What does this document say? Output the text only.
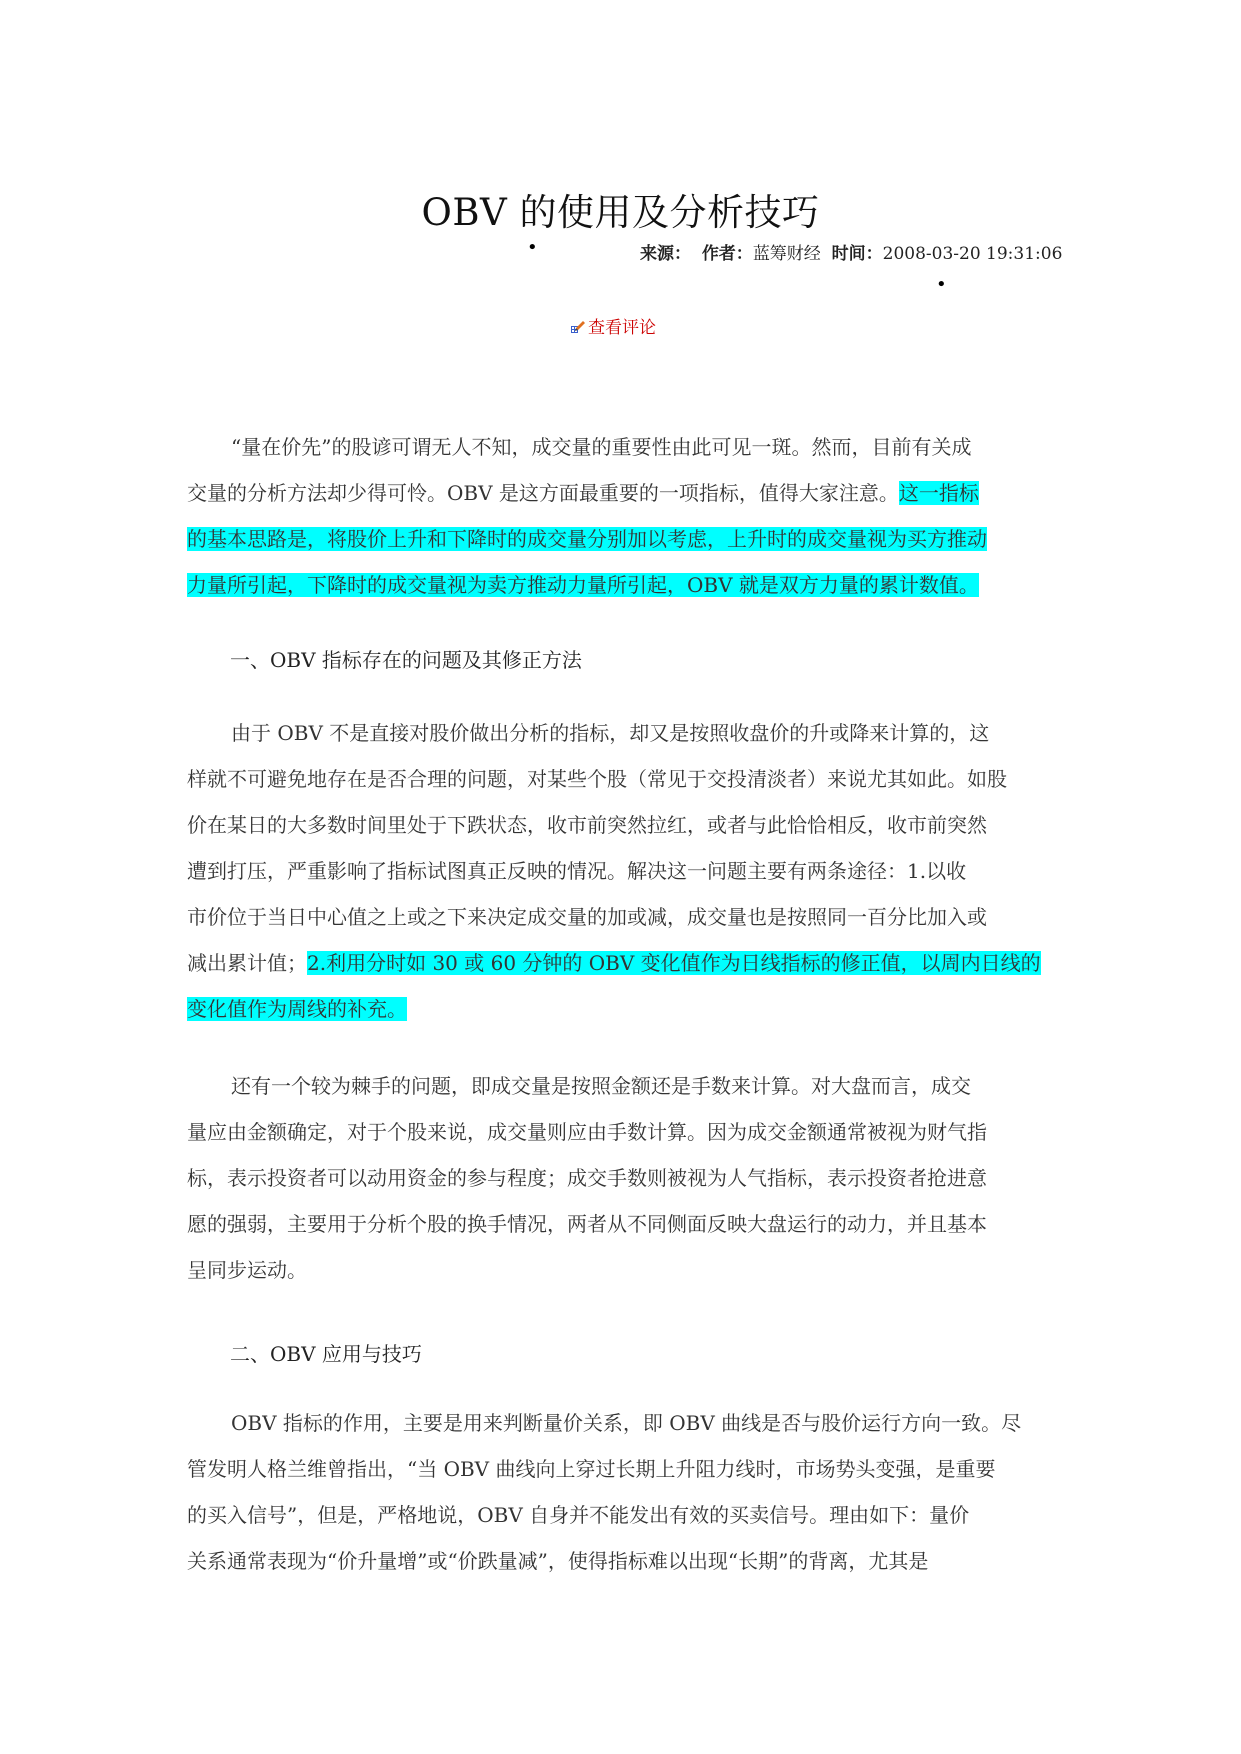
OBV 的使用及分析技巧
•	来源： 作者：蓝筹财经 时间：2008-03-20 19:31:06
•
查看评论
“量在价先”的股谚可谓无人不知，成交量的重要性由此可见一斑。然而，目前有关成
交量的分析方法却少得可怜。OBV 是这方面最重要的一项指标，值得大家注意。这一指标
的基本思路是，将股价上升和下降时的成交量分别加以考虑，上升时的成交量视为买方推动
力量所引起，下降时的成交量视为卖方推动力量所引起，OBV 就是双方力量的累计数值。
一、OBV 指标存在的问题及其修正方法
由于 OBV 不是直接对股价做出分析的指标，却又是按照收盘价的升或降来计算的，这
样就不可避免地存在是否合理的问题，对某些个股（常见于交投清淡者）来说尤其如此。如股
价在某日的大多数时间里处于下跌状态，收市前突然拉红，或者与此恰恰相反，收市前突然
遭到打压，严重影响了指标试图真正反映的情况。解决这一问题主要有两条途径：1.以收
市价位于当日中心值之上或之下来决定成交量的加或减，成交量也是按照同一百分比加入或
减出累计值；2.利用分时如 30 或 60 分钟的 OBV 变化值作为日线指标的修正值，以周内日线的
变化值作为周线的补充。
还有一个较为棘手的问题，即成交量是按照金额还是手数来计算。对大盘而言，成交
量应由金额确定，对于个股来说，成交量则应由手数计算。因为成交金额通常被视为财气指
标，表示投资者可以动用资金的参与程度；成交手数则被视为人气指标，表示投资者抢进意
愿的强弱，主要用于分析个股的换手情况，两者从不同侧面反映大盘运行的动力，并且基本
呈同步运动。
二、OBV 应用与技巧
OBV 指标的作用，主要是用来判断量价关系，即 OBV 曲线是否与股价运行方向一致。尽
管发明人格兰维曾指出，“当 OBV 曲线向上穿过长期上升阻力线时，市场势头变强，是重要
的买入信号”，但是，严格地说，OBV 自身并不能发出有效的买卖信号。理由如下：量价
关系通常表现为“价升量增”或“价跌量减”，使得指标难以出现“长期”的背离，尤其是
